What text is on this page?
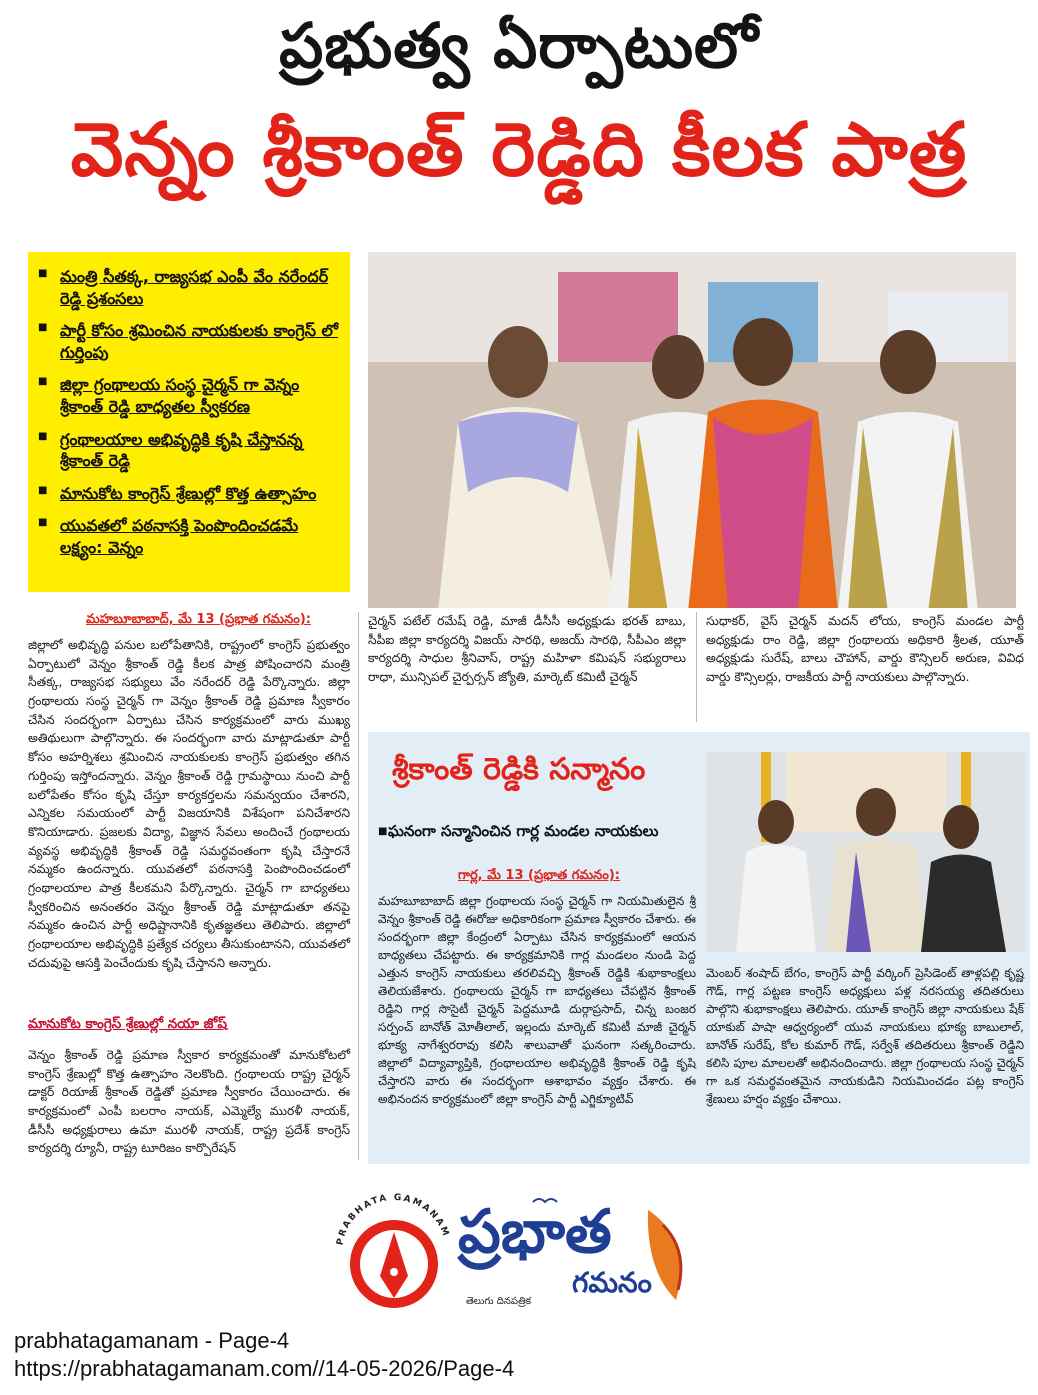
ప్రభుత్వ ఏర్పాటులో
వెన్నం శ్రీకాంత్ రెడ్డిది కీలక పాత్ర
■ మంత్రి సీతక్క, రాజ్యసభ ఎంపీ వేం నరేందర్ రెడ్డి ప్రశంసలు
■ పార్టీ కోసం శ్రమించిన నాయకులకు కాంగ్రెస్ లో గుర్తింపు
■ జిల్లా గ్రంథాలయ సంస్థ చైర్మన్ గా వెన్నం శ్రీకాంత్ రెడ్డి బాధ్యతల స్వీకరణ
■ గ్రంథాలయాల అభివృద్ధికి కృషి చేస్తానన్న శ్రీకాంత్ రెడ్డి
■ మానుకోట కాంగ్రెస్ శ్రేణుల్లో కొత్త ఉత్సాహం
■ యువతలో పఠనాసక్తి పెంపొందించడమే లక్ష్యం: వెన్నం
మహబూబాబాద్, మే 13 (ప్రభాత గమనం):
జిల్లాలో అభివృద్ధి పనుల బలోపేతానికి, రాష్ట్రంలో కాంగ్రెస్ ప్రభుత్వం ఏర్పాటులో వెన్నం శ్రీకాంత్ రెడ్డి కీలక పాత్ర పోషించారని మంత్రి సీతక్క, రాజ్యసభ సభ్యులు వేం నరేందర్ రెడ్డి పేర్కొన్నారు. జిల్లా గ్రంథాలయ సంస్థ చైర్మన్ గా వెన్నం శ్రీకాంత్ రెడ్డి ప్రమాణ స్వీకారం చేసిన సందర్భంగా ఏర్పాటు చేసిన కార్యక్రమంలో వారు ముఖ్య అతిథులుగా పాల్గొన్నారు. ఈ సందర్భంగా వారు మాట్లాడుతూ పార్టీ కోసం అహర్నిశలు శ్రమించిన నాయకులకు కాంగ్రెస్ ప్రభుత్వం తగిన గుర్తింపు ఇస్తోందన్నారు. వెన్నం శ్రీకాంత్ రెడ్డి గ్రామస్థాయి నుంచి పార్టీ బలోపేతం కోసం కృషి చేస్తూ కార్యకర్తలను సమన్వయం చేశారని, ఎన్నికల సమయంలో పార్టీ విజయానికి విశేషంగా పనిచేశారని కొనియాడారు. ప్రజలకు విద్యా, విజ్ఞాన సేవలు అందించే గ్రంథాలయ వ్యవస్థ అభివృద్ధికి శ్రీకాంత్ రెడ్డి సమర్థవంతంగా కృషి చేస్తారనే నమ్మకం ఉందన్నారు. యువతలో పఠనాసక్తి పెంపొందించడంలో గ్రంథాలయాల పాత్ర కీలకమని పేర్కొన్నారు. చైర్మన్ గా బాధ్యతలు స్వీకరించిన అనంతరం వెన్నం శ్రీకాంత్ రెడ్డి మాట్లాడుతూ తనపై నమ్మకం ఉంచిన పార్టీ అధిష్టానానికి కృతజ్ఞతలు తెలిపారు. జిల్లాలో గ్రంథాలయాల అభివృద్ధికి ప్రత్యేక చర్యలు తీసుకుంటానని, యువతలో చదువుపై ఆసక్తి పెంచేందుకు కృషి చేస్తానని అన్నారు.
మానుకోట కాంగ్రెస్ శ్రేణుల్లో నయా జోష్
వెన్నం శ్రీకాంత్ రెడ్డి ప్రమాణ స్వీకార కార్యక్రమంతో మానుకోటలో కాంగ్రెస్ శ్రేణుల్లో కొత్త ఉత్సాహం నెలకొంది. గ్రంథాలయ రాష్ట్ర చైర్మన్ డాక్టర్ రియాజ్ శ్రీకాంత్ రెడ్డితో ప్రమాణ స్వీకారం చేయించారు. ఈ కార్యక్రమంలో ఎంపీ బలరాం నాయక్, ఎమ్మెల్యే మురళీ నాయక్, డీసీసీ అధ్యక్షురాలు ఉమా మురళీ నాయక్, రాష్ట్ర ప్రదేశ్ కాంగ్రెస్ కార్యదర్శి ర్యూనీ, రాష్ట్ర టూరిజం కార్పొరేషన్
చైర్మన్ పటేల్ రమేష్ రెడ్డి, మాజీ డీసీసీ అధ్యక్షుడు భరత్ బాబు, సీపీఐ జిల్లా కార్యదర్శి విజయ్ సారథి, అజయ్ సారథి, సీపీఎం జిల్లా కార్యదర్శి సాధుల శ్రీనివాస్, రాష్ట్ర మహిళా కమిషన్ సభ్యురాలు రాధా, మున్సిపల్ చైర్పర్సన్ జ్యోతి, మార్కెట్ కమిటీ చైర్మన్
సుధాకర్, వైస్ చైర్మన్ మదన్ లోయ, కాంగ్రెస్ మండల పార్టీ అధ్యక్షుడు రాం రెడ్డి, జిల్లా గ్రంథాలయ అధికారి శ్రీలత, యూత్ అధ్యక్షుడు సురేష్, బాలు చౌహాన్, వార్డు కౌన్సిలర్ అరుణ, వివిధ వార్డు కౌన్సిలర్లు, రాజకీయ పార్టీ నాయకులు పాల్గొన్నారు.
శ్రీకాంత్ రెడ్డికి సన్మానం
■ ఘనంగా సన్మానించిన గార్ల మండల నాయకులు
గార్ల, మే 13 (ప్రభాత గమనం):
మహబూబాబాద్ జిల్లా గ్రంథాలయ సంస్థ చైర్మన్ గా నియమితులైన శ్రీ వెన్నం శ్రీకాంత్ రెడ్డి ఈరోజు అధికారికంగా ప్రమాణ స్వీకారం చేశారు. ఈ సందర్భంగా జిల్లా కేంద్రంలో ఏర్పాటు చేసిన కార్యక్రమంలో ఆయన బాధ్యతలు చేపట్టారు. ఈ కార్యక్రమానికి గార్ల మండలం నుండి పెద్ద ఎత్తున కాంగ్రెస్ నాయకులు తరలివచ్చి శ్రీకాంత్ రెడ్డికి శుభాకాంక్షలు తెలియజేశారు. గ్రంథాలయ చైర్మన్ గా బాధ్యతలు చేపట్టిన శ్రీకాంత్ రెడ్డిని గార్ల సొసైటీ చైర్మన్ పెద్దమూడి దుర్గాప్రసాద్, చిన్న బంజర సర్పంచ్ బానోత్ మోతీలాల్, ఇల్లందు మార్కెట్ కమిటీ మాజీ చైర్మన్ భూక్య నాగేశ్వరరావు కలిసి శాలువాతో ఘనంగా సత్కరించారు. జిల్లాలో విద్యావ్యాప్తికి, గ్రంథాలయాల అభివృద్ధికి శ్రీకాంత్ రెడ్డి కృషి చేస్తారని వారు ఈ సందర్భంగా ఆశాభావం వ్యక్తం చేశారు. ఈ అభినందన కార్యక్రమంలో జిల్లా కాంగ్రెస్ పార్టీ ఎగ్జిక్యూటివ్
మెంబర్ శంషాద్ బేగం, కాంగ్రెస్ పార్టీ వర్కింగ్ ప్రెసిడెంట్ తాళ్లపల్లి కృష్ణ గౌడ్, గార్ల పట్టణ కాంగ్రెస్ అధ్యక్షులు పళ్ల నరసయ్య తదితరులు పాల్గొని శుభాకాంక్షలు తెలిపారు. యూత్ కాంగ్రెస్ జిల్లా నాయకులు షేక్ యాకుబ్ పాషా ఆధ్వర్యంలో యువ నాయకులు భూక్య బాబులాల్, బానోత్ సురేష్, కోల కుమార్ గౌడ్, సర్వేశ్ తదితరులు శ్రీకాంత్ రెడ్డిని కలిసి పూల మాలలతో అభినందించారు. జిల్లా గ్రంథాలయ సంస్థ చైర్మన్ గా ఒక సమర్థవంతమైన నాయకుడిని నియమించడం పట్ల కాంగ్రెస్ శ్రేణులు హర్షం వ్యక్తం చేశాయి.
PRABHATA GAMANAM ప్రభాత
గమనం
తెలుగు దినపత్రిక
prabhatagamanam - Page-4
https://prabhatagamanam.com//14-05-2026/Page-4
